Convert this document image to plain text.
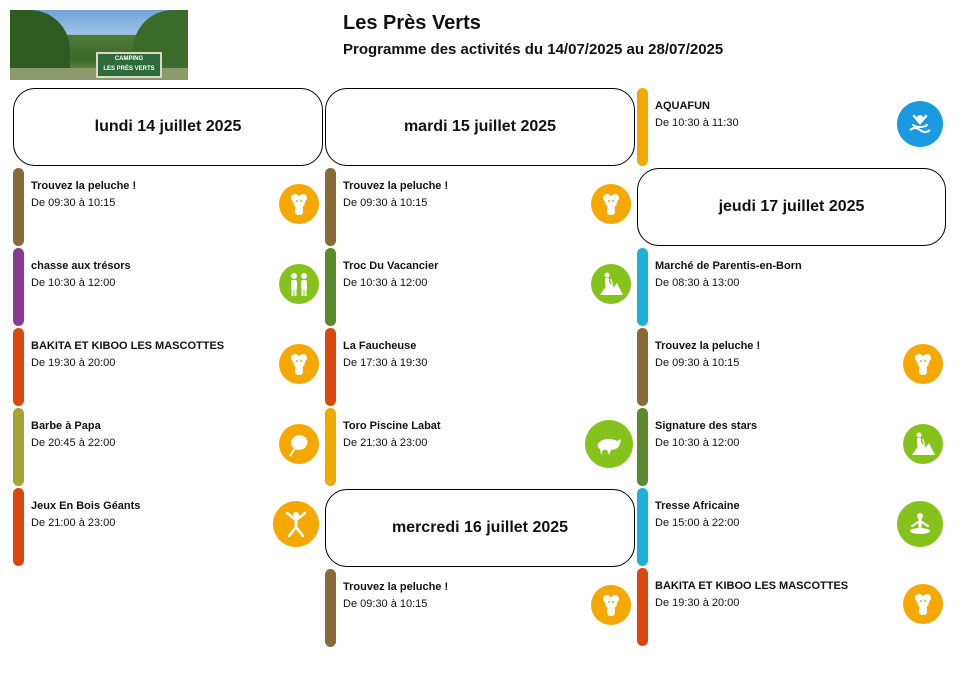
CAMPING
LES PRÈS VERTS
Les Près Verts
Programme des activités du 14/07/2025 au 28/07/2025
lundi 14 juillet 2025	mardi 15 juillet 2025
mercredi 16 juillet 2025
jeudi 17 juillet 2025
Trouvez la peluche !
De 09:30 à 10:15
chasse aux trésors
De 10:30 à 12:00
BAKITA ET KIBOO LES MASCOTTES
De 19:30 à 20:00
Barbe à Papa
De 20:45 à 22:00
Jeux En Bois Géants
De 21:00 à 23:00
Trouvez la peluche !
De 09:30 à 10:15
Troc Du Vacancier
De 10:30 à 12:00
La Faucheuse
De 17:30 à 19:30
Toro Piscine Labat
De 21:30 à 23:00
Trouvez la peluche !
De 09:30 à 10:15
AQUAFUN
De 10:30 à 11:30
Marché de Parentis-en-Born
De 08:30 à 13:00
Trouvez la peluche !
De 09:30 à 10:15
Signature des stars
De 10:30 à 12:00
Tresse Africaine
De 15:00 à 22:00
BAKITA ET KIBOO LES MASCOTTES
De 19:30 à 20:00
